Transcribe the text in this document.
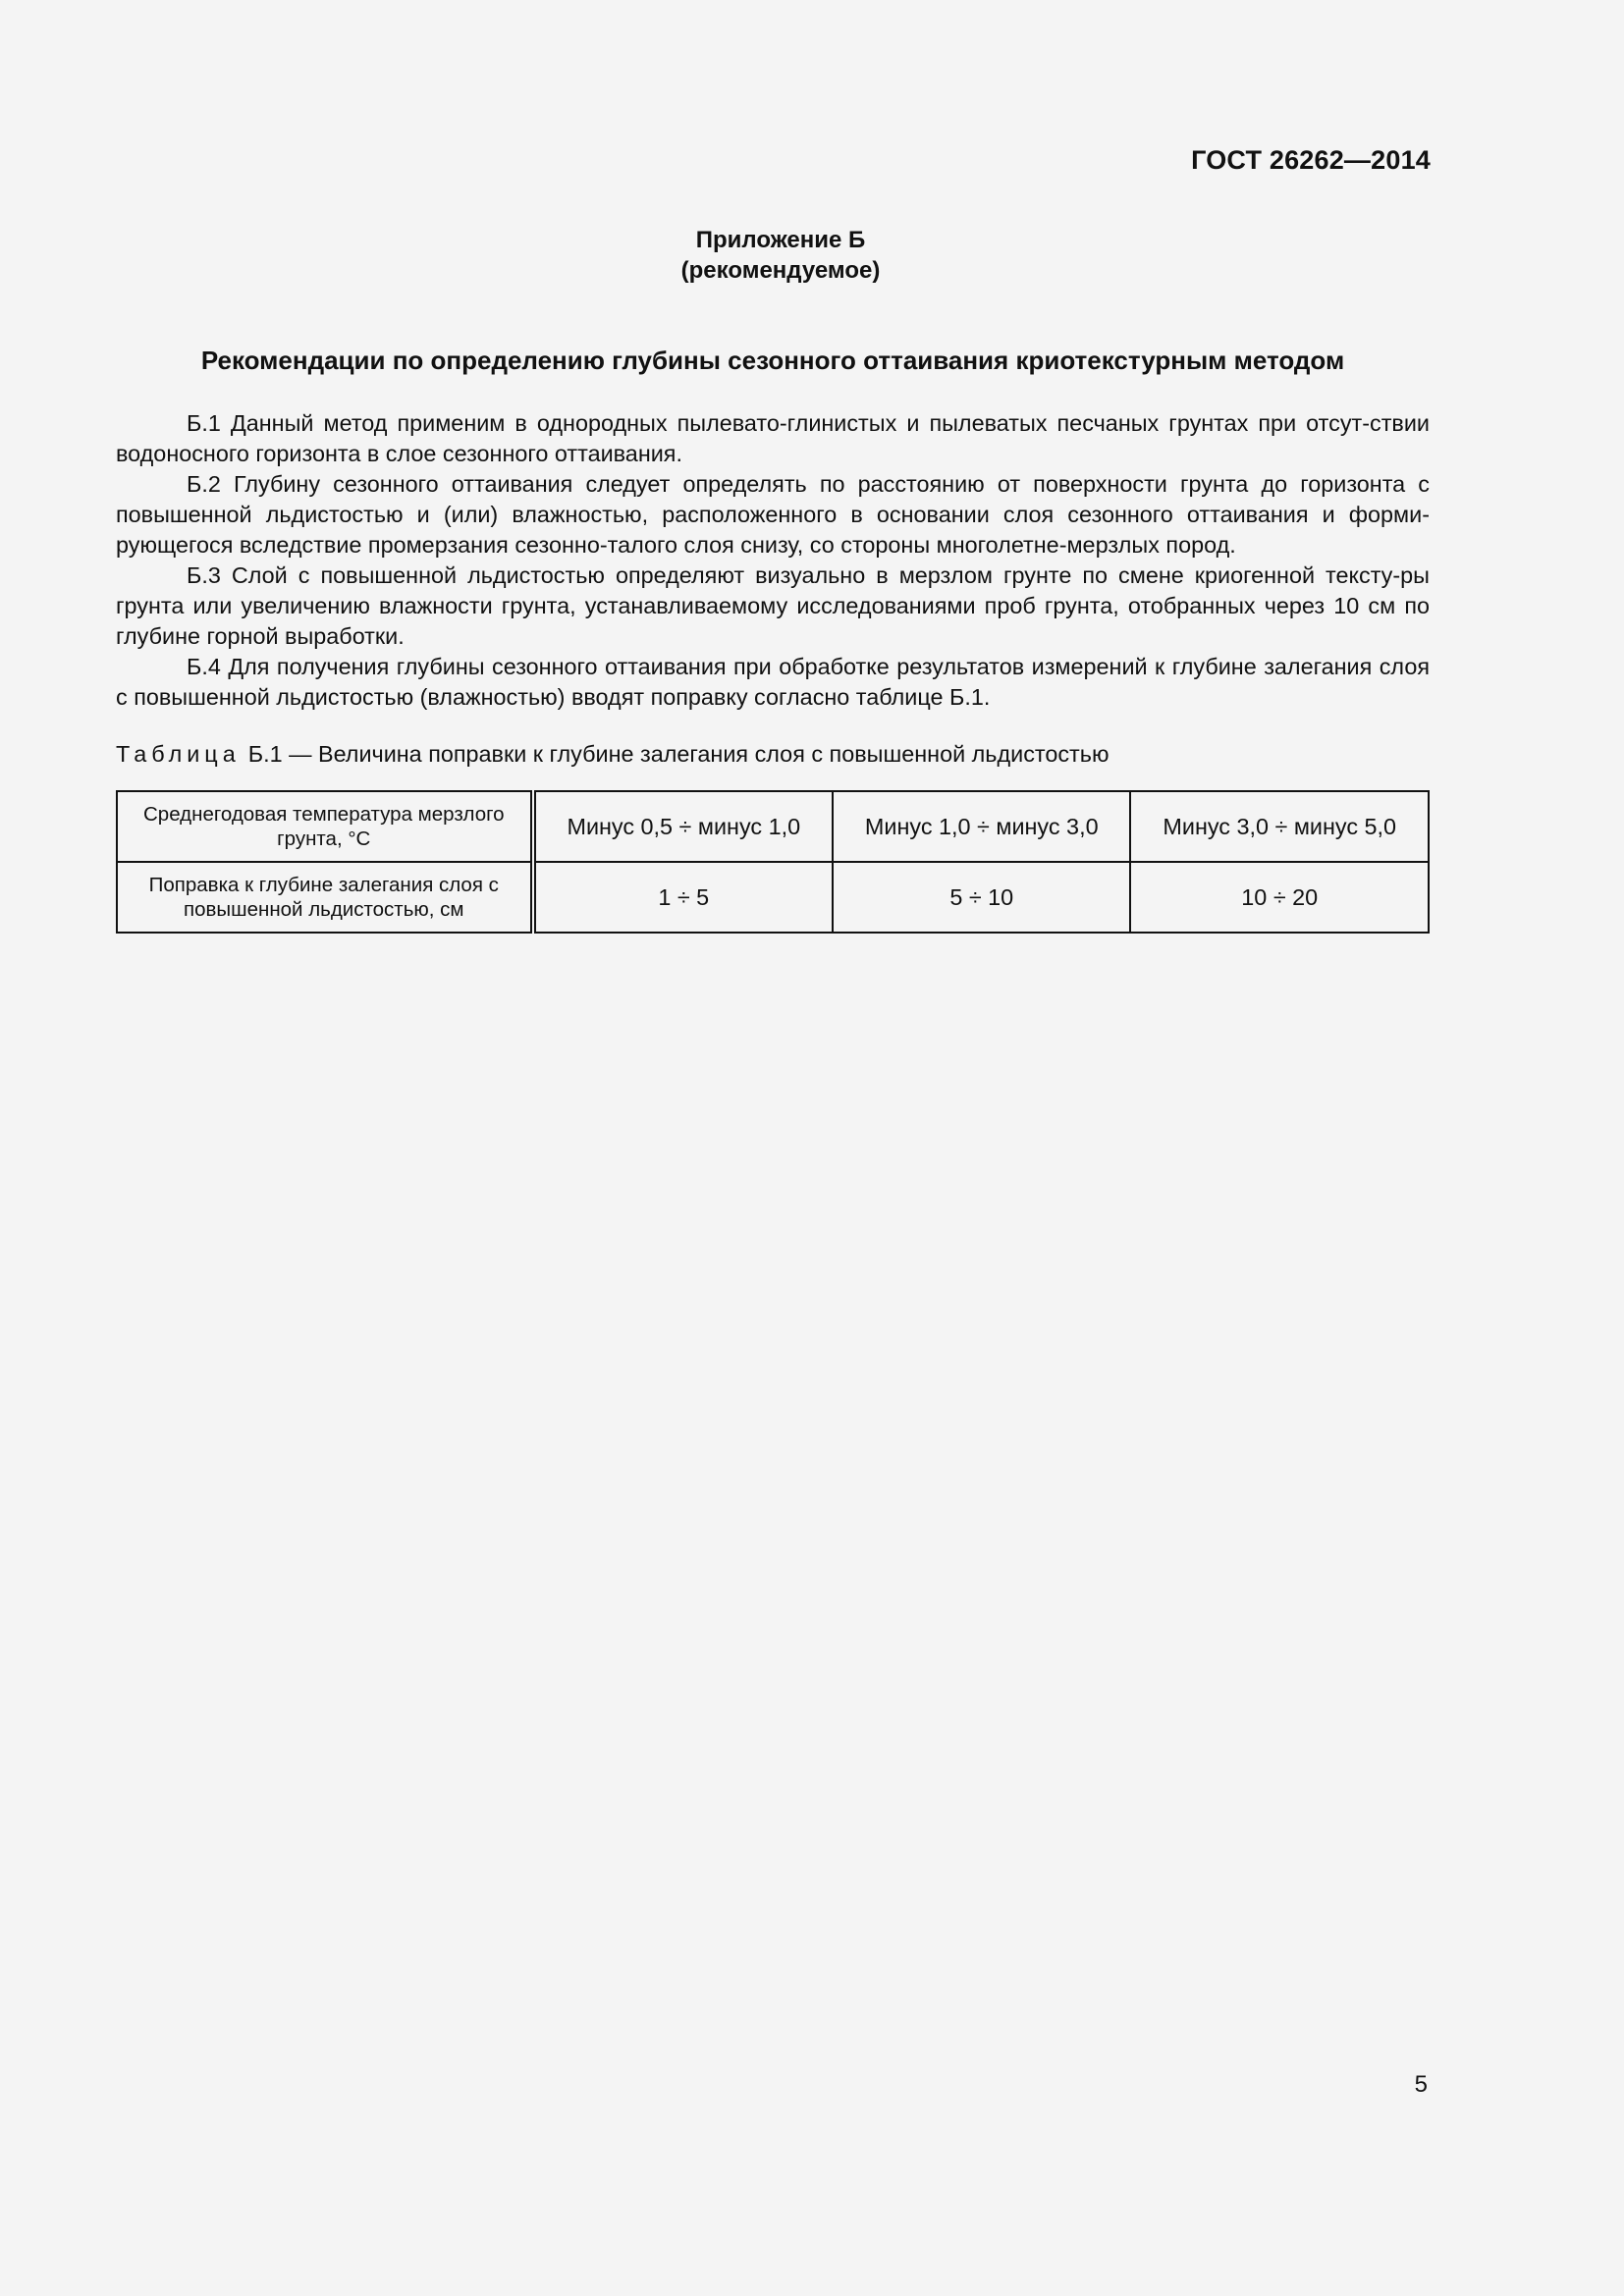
ГОСТ 26262—2014
Приложение Б
(рекомендуемое)
Рекомендации по определению глубины сезонного оттаивания криотекстурным методом

Б.1 Данный метод применим в однородных пылевато-глинистых и пылеватых песчаных грунтах при отсут-ствии водоносного горизонта в слое сезонного оттаивания.

Б.2 Глубину сезонного оттаивания следует определять по расстоянию от поверхности грунта до горизонта с повышенной льдистостью и (или) влажностью, расположенного в основании слоя сезонного оттаивания и форми-рующегося вследствие промерзания сезонно-талого слоя снизу, со стороны многолетне-мерзлых пород.

Б.3 Слой с повышенной льдистостью определяют визуально в мерзлом грунте по смене криогенной тексту-ры грунта или увеличению влажности грунта, устанавливаемому исследованиями проб грунта, отобранных через 10 см по глубине горной выработки.

Б.4 Для получения глубины сезонного оттаивания при обработке результатов измерений к глубине залегания слоя с повышенной льдистостью (влажностью) вводят поправку согласно таблице Б.1.

Таблица Б.1 — Величина поправки к глубине залегания слоя с повышенной льдистостью
Среднегодовая температура мерзлого грунта, °С	Минус 0,5 ÷ минус 1,0	Минус 1,0 ÷ минус 3,0	Минус 3,0 ÷ минус 5,0
Поправка к глубине залегания слоя с повышенной льдистостью, см	1 ÷ 5	5 ÷ 10	10 ÷ 20
5
